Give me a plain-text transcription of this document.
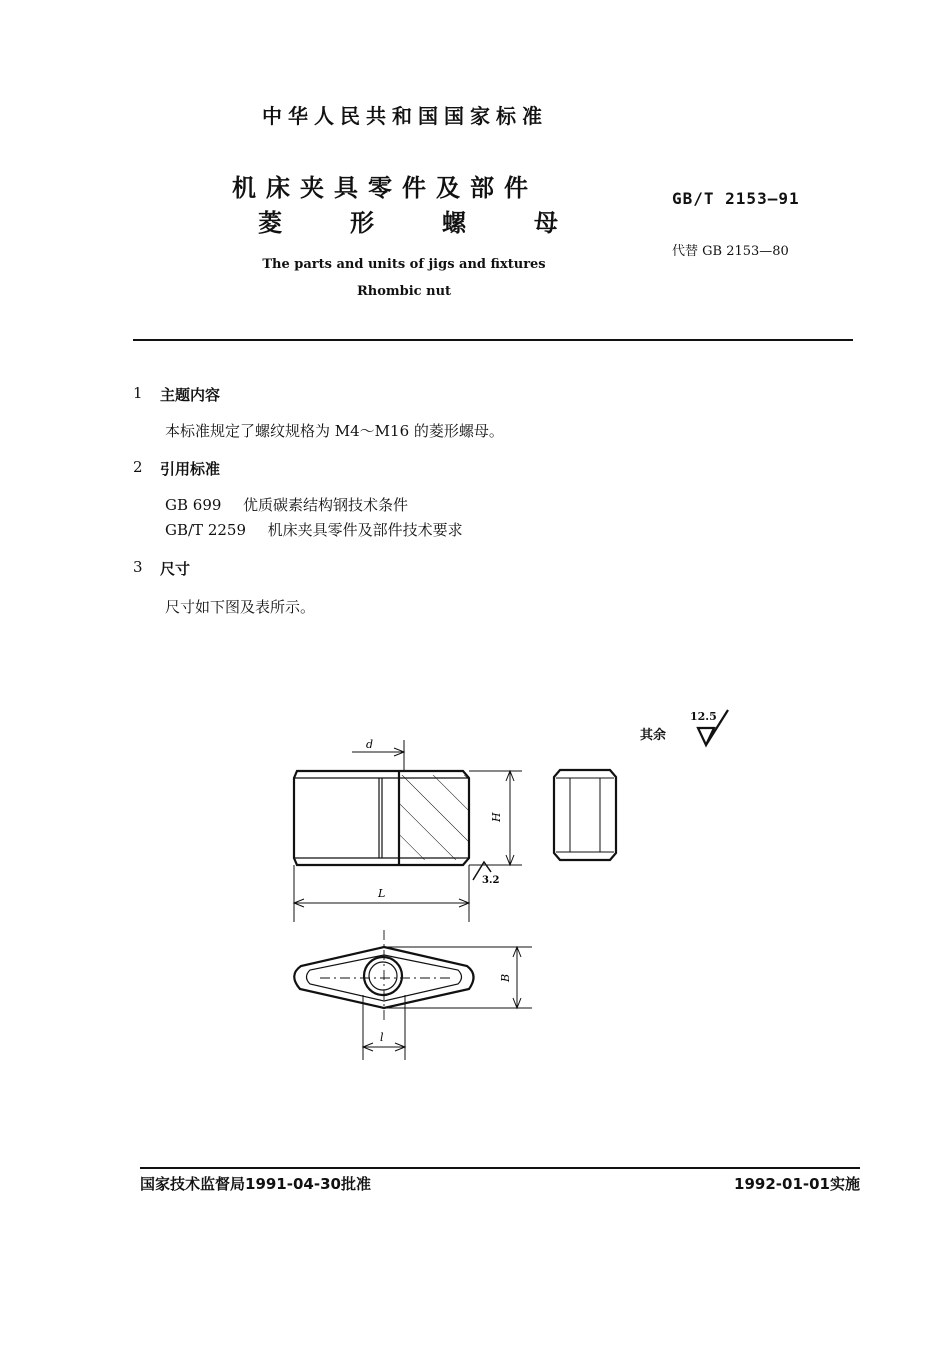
中华人民共和国国家标准
机床夹具零件及部件
菱	形	螺	母
GB/T 2153—91
代替 GB 2153—80
The parts and units of jigs and fixtures
Rhombic nut
1 主题内容
本标准规定了螺纹规格为 M4～M16 的菱形螺母。
2 引用标准
GB 699 优质碳素结构钢技术条件
GB/T 2259 机床夹具零件及部件技术要求
3 尺寸
尺寸如下图及表所示。
其余
12.5
d
H
L
B
l
3.2
国家技术监督局1991-04-30批准	1992-01-01实施
